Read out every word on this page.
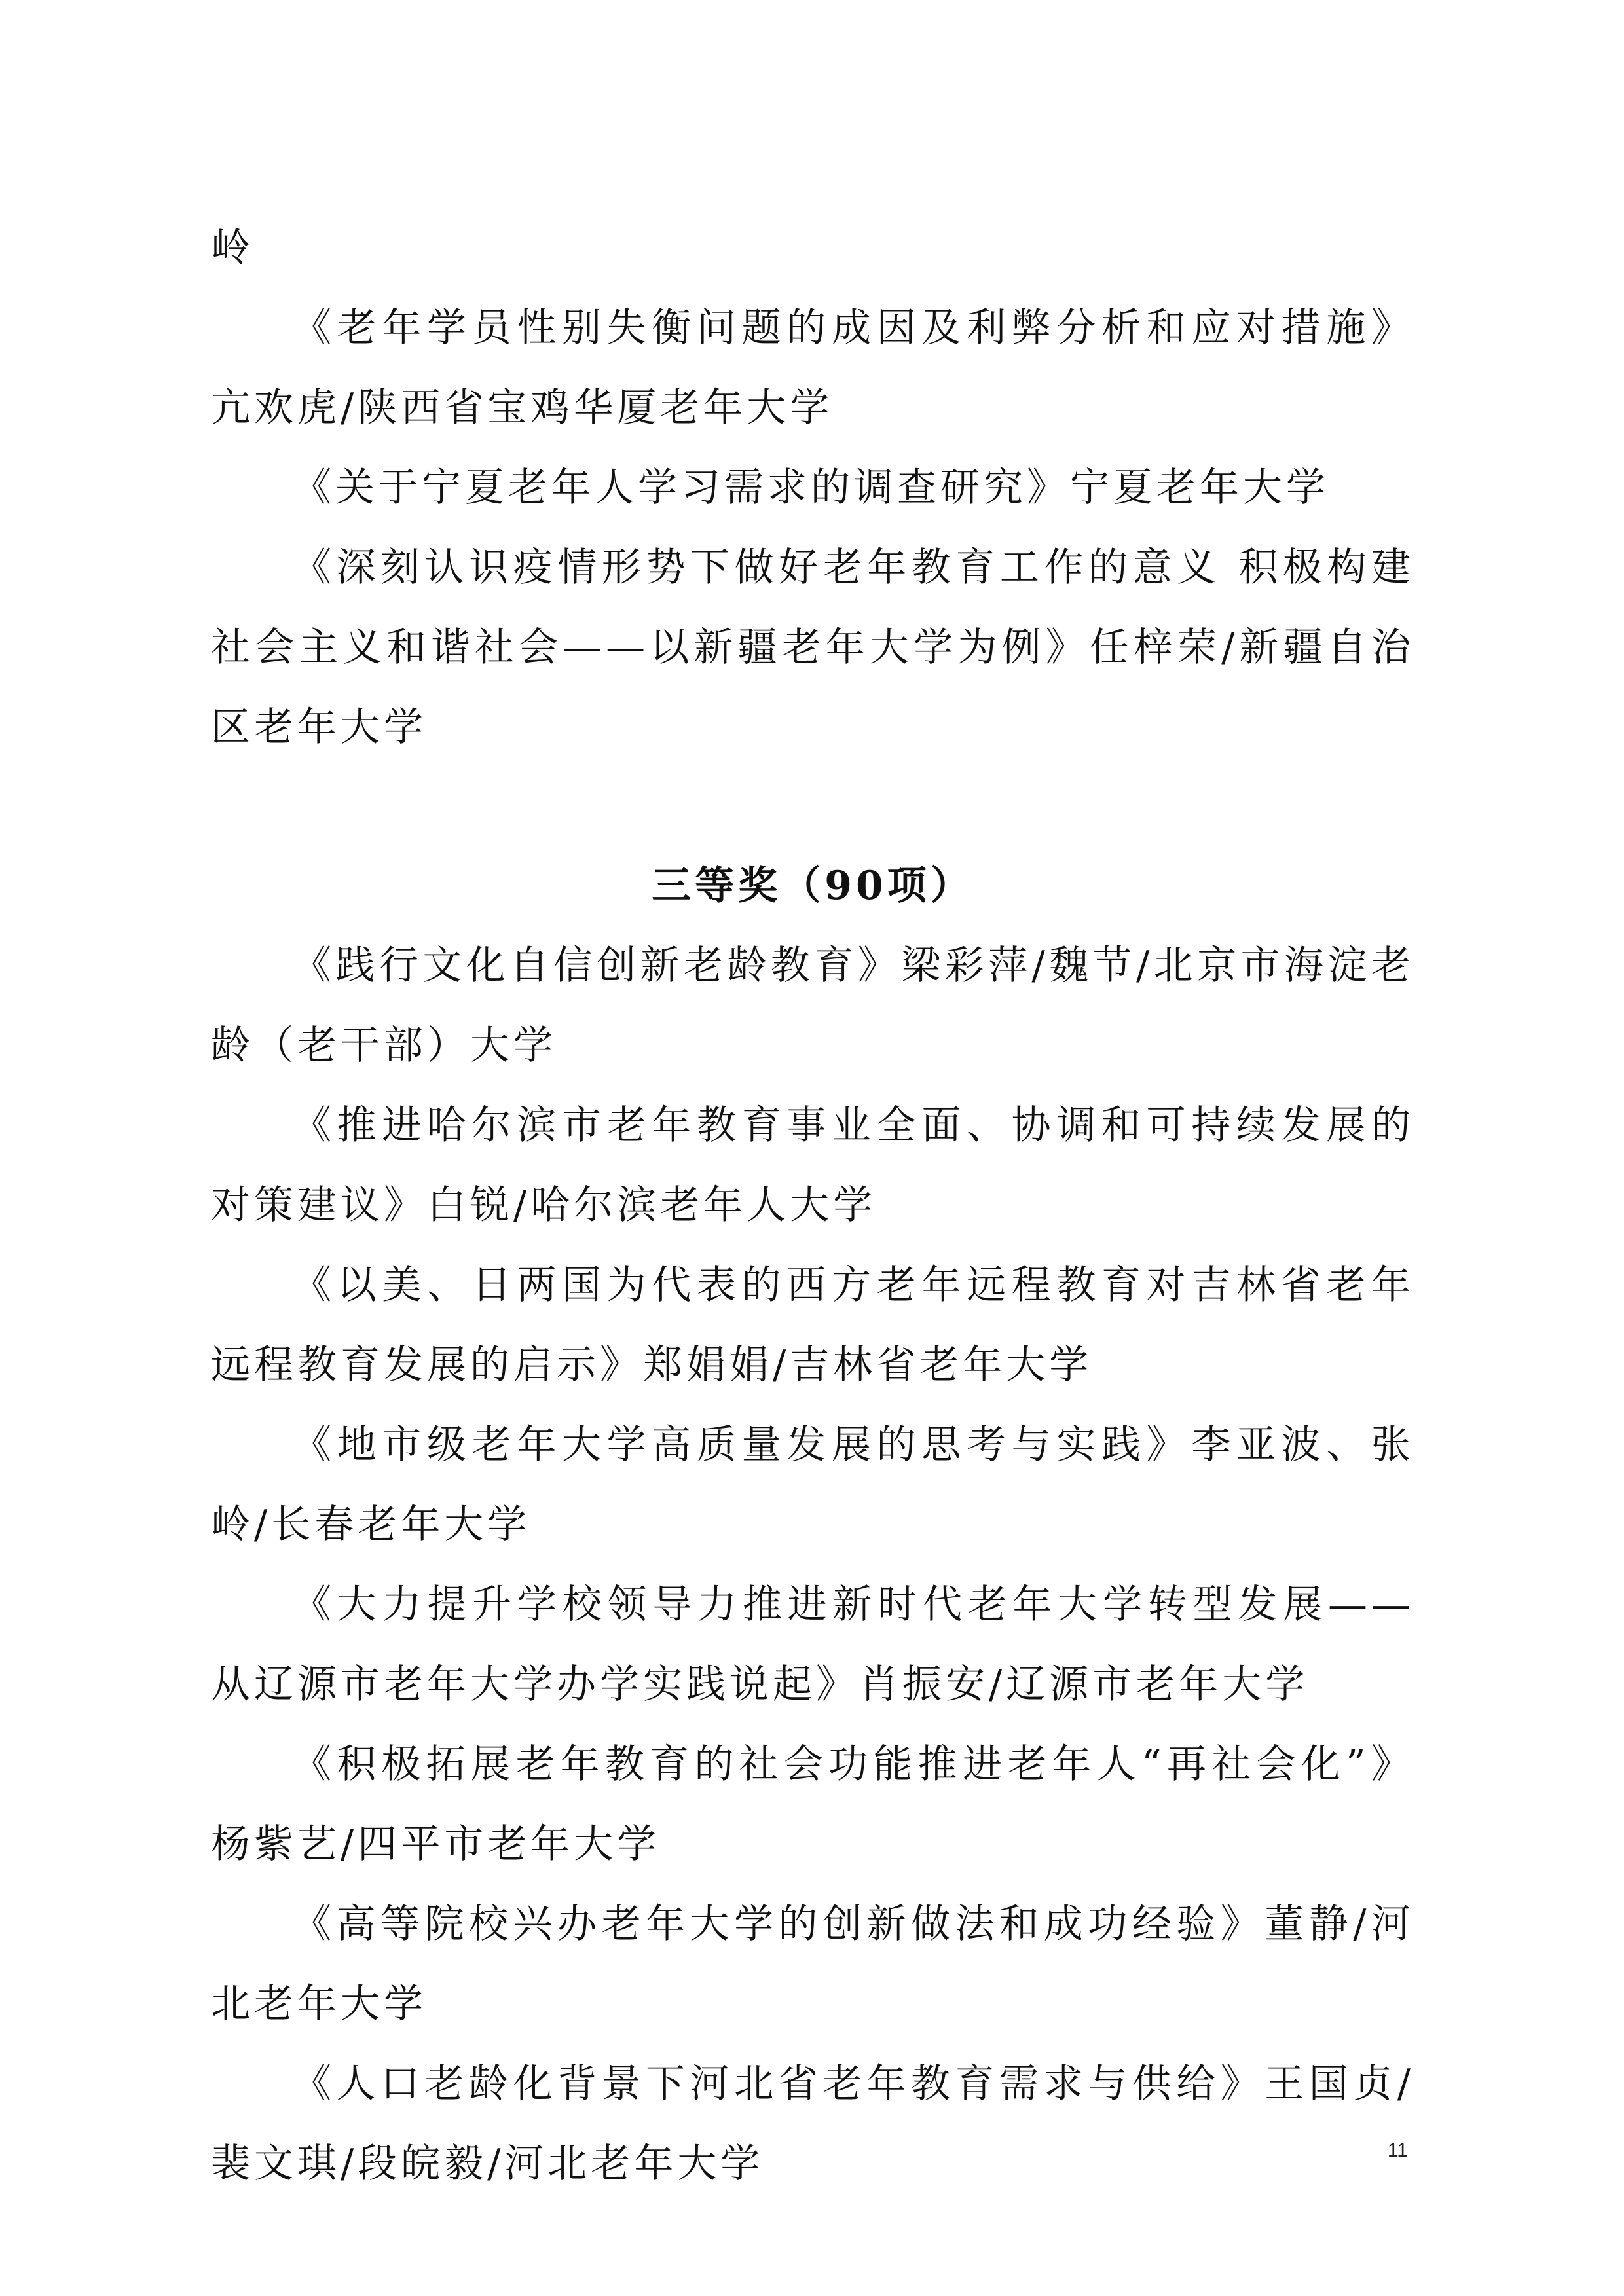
岭

《老年学员性别失衡问题的成因及利弊分析和应对措施》亢欢虎/陕西省宝鸡华厦老年大学

《关于宁夏老年人学习需求的调查研究》宁夏老年大学

《深刻认识疫情形势下做好老年教育工作的意义 积极构建社会主义和谐社会——以新疆老年大学为例》任梓荣/新疆自治区老年大学

三等奖（90项）

《践行文化自信创新老龄教育》梁彩萍/魏节/北京市海淀老龄（老干部）大学

《推进哈尔滨市老年教育事业全面、协调和可持续发展的对策建议》白锐/哈尔滨老年人大学

《以美、日两国为代表的西方老年远程教育对吉林省老年远程教育发展的启示》郑娟娟/吉林省老年大学

《地市级老年大学高质量发展的思考与实践》李亚波、张岭/长春老年大学

《大力提升学校领导力推进新时代老年大学转型发展——从辽源市老年大学办学实践说起》肖振安/辽源市老年大学

《积极拓展老年教育的社会功能推进老年人“再社会化”》杨紫艺/四平市老年大学

《高等院校兴办老年大学的创新做法和成功经验》董静/河北老年大学

《人口老龄化背景下河北省老年教育需求与供给》王国贞/裴文琪/段皖毅/河北老年大学	11
